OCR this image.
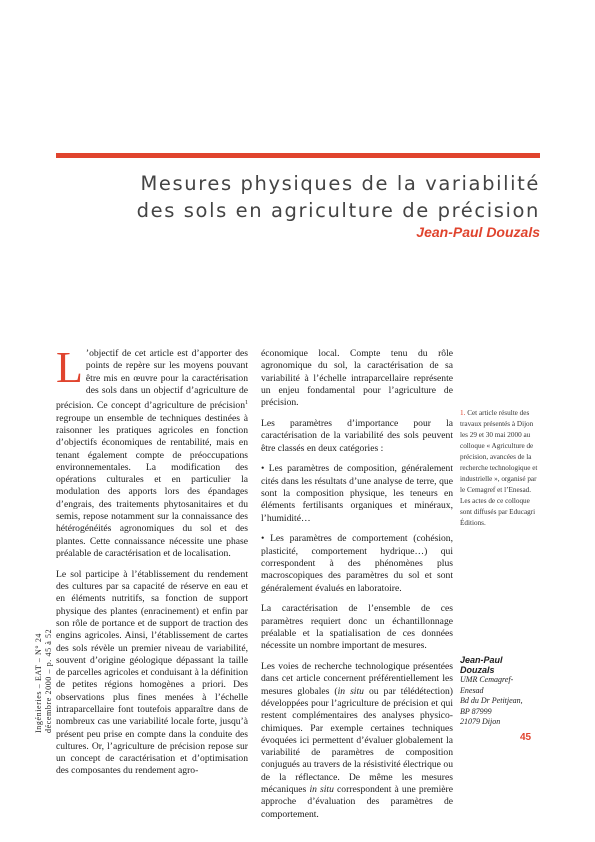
Mesures physiques de la variabilité
des sols en agriculture de précision
Jean-Paul Douzals

L ’objectif de cet article est d’apporter des points de repère sur les moyens pouvant être mis en œuvre pour la caractérisation des sols dans un objectif d’agriculture de précision. Ce concept d’agriculture de précision$^1$ regroupe un ensemble de techniques destinées à raisonner les pratiques agricoles en fonction d’objectifs économiques de rentabilité, mais en tenant également compte de préoccupations environnementales. La modification des opérations culturales et en particulier la modulation des apports lors des épandages d’engrais, des traitements phytosanitaires et du semis, repose notamment sur la connaissance des hétérogénéités agronomiques du sol et des plantes. Cette connaissance nécessite une phase préalable de caractérisation et de localisation.

Le sol participe à l’établissement du rendement des cultures par sa capacité de réserve en eau et en éléments nutritifs, sa fonction de support physique des plantes (enracinement) et enfin par son rôle de portance et de support de traction des engins agricoles. Ainsi, l’établissement de cartes des sols révèle un premier niveau de variabilité, souvent d’origine géologique dépassant la taille de parcelles agricoles et conduisant à la définition de petites régions homogènes a priori. Des observations plus fines menées à l’échelle intraparcellaire font toutefois apparaître dans de nombreux cas une variabilité locale forte, jusqu’à présent peu prise en compte dans la conduite des cultures. Or, l’agriculture de précision repose sur un concept de caractérisation et d’optimisation des composantes du rendement agro-

économique local. Compte tenu du rôle agronomique du sol, la caractérisation de sa variabilité à l’échelle intraparcellaire représente un enjeu fondamental pour l’agriculture de précision.

Les paramètres d’importance pour la caractérisation de la variabilité des sols peuvent être classés en deux catégories :

• Les paramètres de composition, généralement cités dans les résultats d’une analyse de terre, que sont la composition physique, les teneurs en éléments fertilisants organiques et minéraux, l’humidité…

• Les paramètres de comportement (cohésion, plasticité, comportement hydrique…) qui correspondent à des phénomènes plus macroscopiques des paramètres du sol et sont généralement évalués en laboratoire.

La caractérisation de l’ensemble de ces paramètres requiert donc un échantillonnage préalable et la spatialisation de ces données nécessite un nombre important de mesures.

Les voies de recherche technologique présentées dans cet article concernent préférentiellement les mesures globales (in situ ou par télédétection) développées pour l’agriculture de précision et qui restent complémentaires des analyses physico-chimiques. Par exemple certaines techniques évoquées ici permettent d’évaluer globalement la variabilité de paramètres de composition conjugués au travers de la résistivité électrique ou de la réflectance. De même les mesures mécaniques in situ correspondent à une première approche d’évaluation des paramètres de comportement.

1. Cet article résulte des travaux présentés à Dijon les 29 et 30 mai 2000 au colloque « Agriculture de précision, avancées de la recherche technologique et industrielle », organisé par le Cemagref et l’Enesad. Les actes de ce colloque sont diffusés par Educagri Éditions.
Jean-Paul
Douzals
UMR Cemagref-
Enesad
Bd du Dr Petitjean,
BP 87999
21079 Dijon
45
Ingénieries – EAT – N° 24 décembre 2000 – p. 45 à 52
